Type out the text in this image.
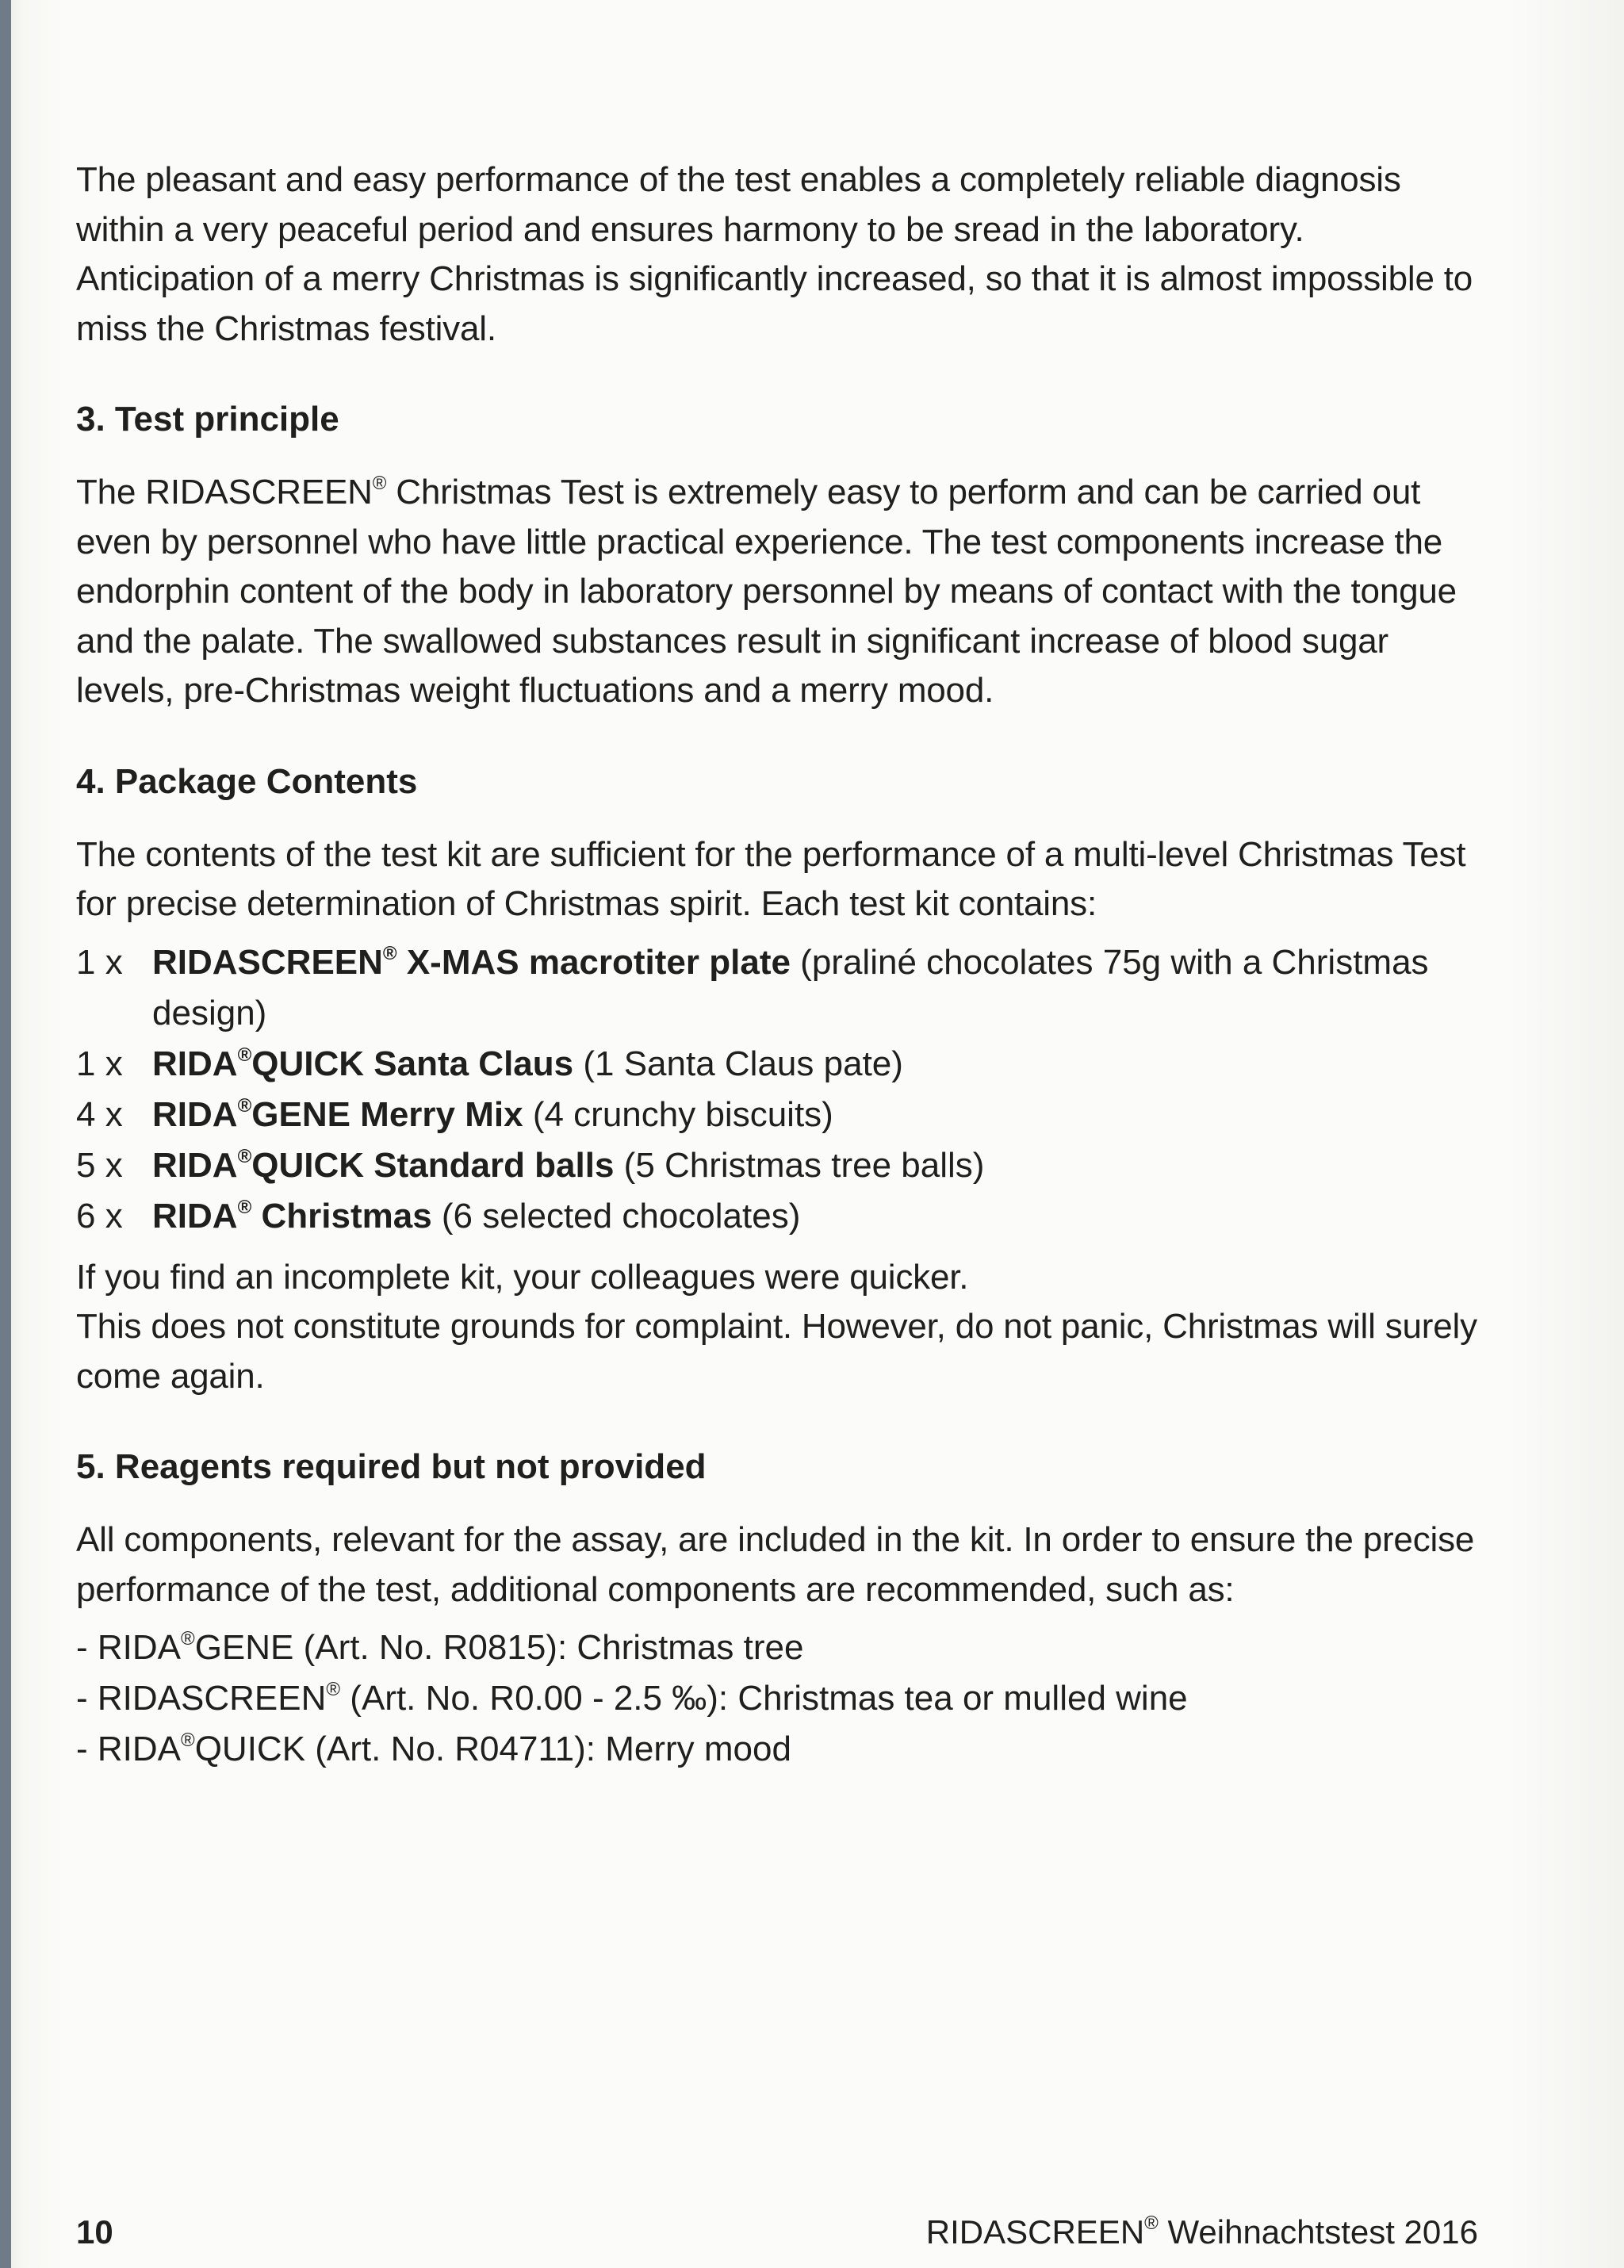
The pleasant and easy performance of the test enables a completely reliable diagnosis within a very peaceful period and ensures harmony to be sread in the laboratory. Anticipation of a merry Christmas is significantly increased, so that it is almost impossible to miss the Christmas festival.

3. Test principle

The RIDASCREEN® Christmas Test is extremely easy to perform and can be carried out even by personnel who have little practical experience. The test components increase the endorphin content of the body in laboratory personnel by means of contact with the tongue and the palate. The swallowed substances result in significant increase of blood sugar levels, pre-Christmas weight fluctuations and a merry mood.

4. Package Contents

The contents of the test kit are sufficient for the performance of a multi-level Christmas Test for precise determination of Christmas spirit. Each test kit contains:

1 x RIDASCREEN® X-MAS macrotiter plate (praliné chocolates 75g with a Christmas design)
1 x RIDA®QUICK Santa Claus (1 Santa Claus pate)
4 x RIDA®GENE Merry Mix (4 crunchy biscuits)
5 x RIDA®QUICK Standard balls (5 Christmas tree balls)
6 x RIDA® Christmas (6 selected chocolates)

If you find an incomplete kit, your colleagues were quicker.

This does not constitute grounds for complaint. However, do not panic, Christmas will surely come again.

5. Reagents required but not provided

All components, relevant for the assay, are included in the kit. In order to ensure the precise performance of the test, additional components are recommended, such as:

- RIDA®GENE (Art. No. R0815): Christmas tree
- RIDASCREEN® (Art. No. R0.00 - 2.5 ‰): Christmas tea or mulled wine
- RIDA®QUICK (Art. No. R04711): Merry mood
10	RIDASCREEN® Weihnachtstest 2016
